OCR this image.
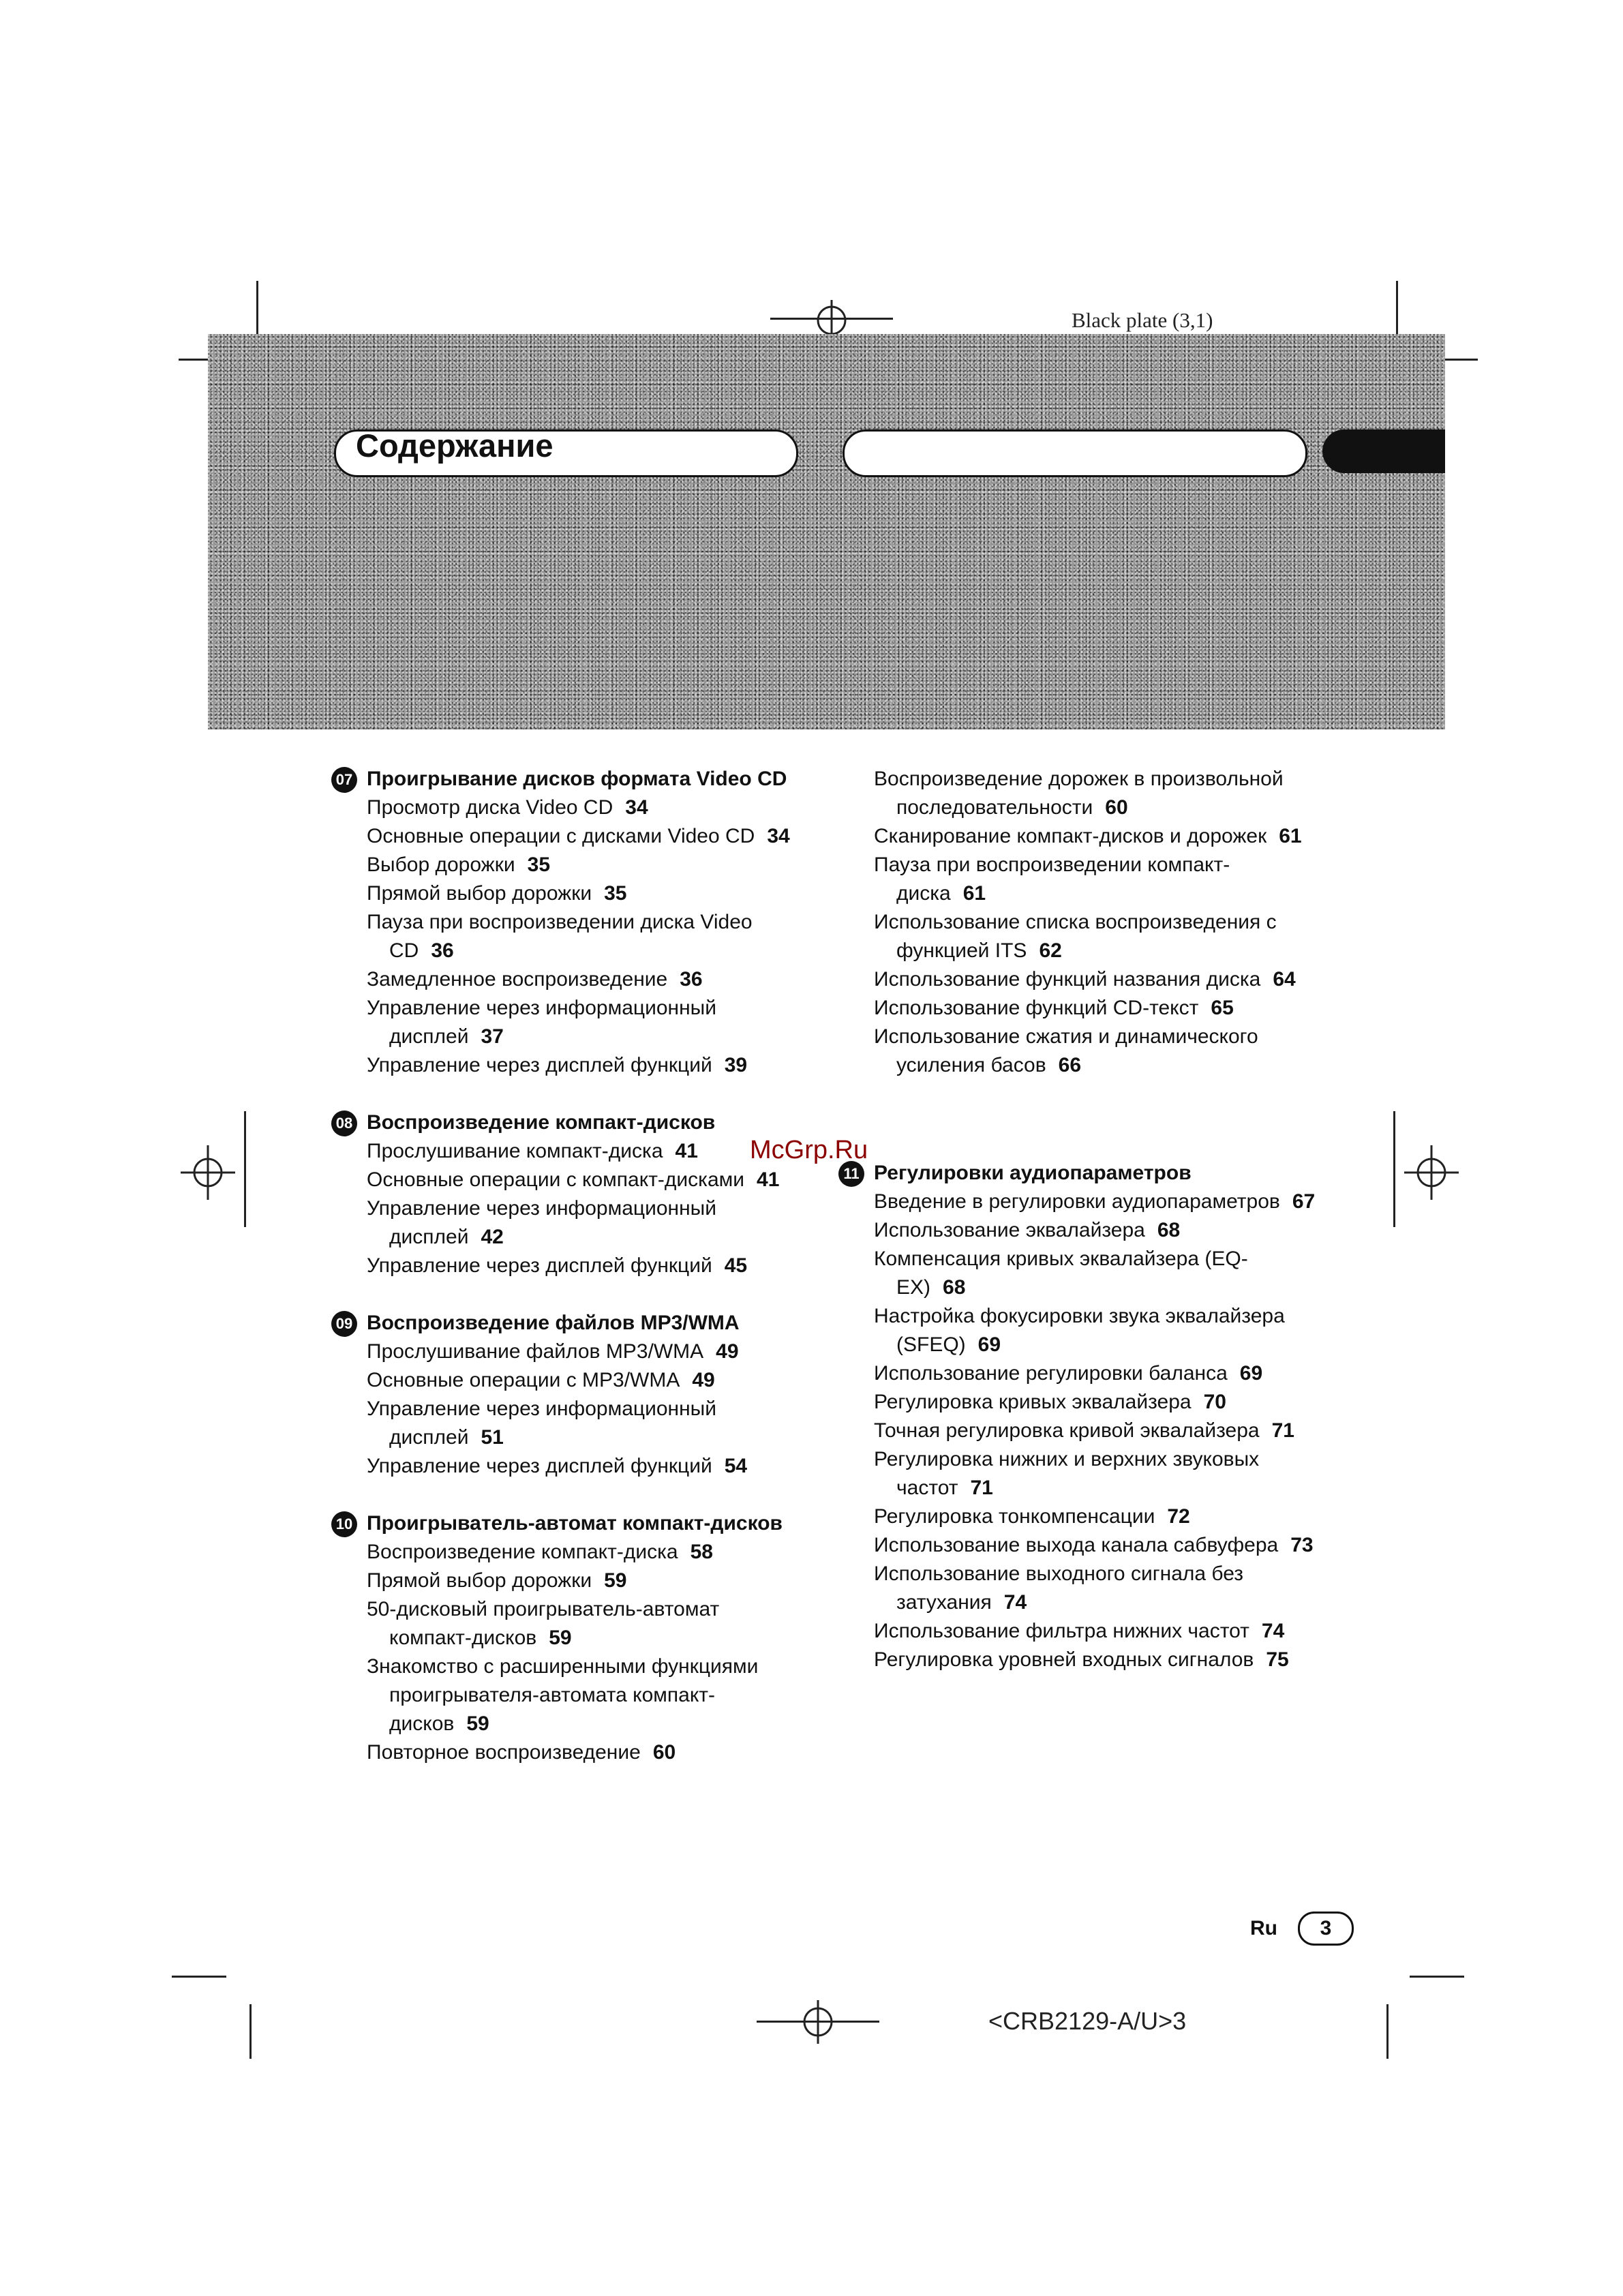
Black plate (3,1)
Содержание
07 Проигрывание дисков формата Video CD
Просмотр диска Video CD 34
Основные операции с дисками Video CD 34
Выбор дорожки 35
Прямой выбор дорожки 35
Пауза при воспроизведении диска Video CD 36
Замедленное воспроизведение 36
Управление через информационный дисплей 37
Управление через дисплей функций 39
08 Воспроизведение компакт-дисков
Прослушивание компакт-диска 41
Основные операции с компакт-дисками 41
Управление через информационный дисплей 42
Управление через дисплей функций 45
09 Воспроизведение файлов MP3/WMA
Прослушивание файлов MP3/WMA 49
Основные операции с MP3/WMA 49
Управление через информационный дисплей 51
Управление через дисплей функций 54
10 Проигрыватель-автомат компакт-дисков
Воспроизведение компакт-диска 58
Прямой выбор дорожки 59
50-дисковый проигрыватель-автомат компакт-дисков 59
Знакомство с расширенными функциями проигрывателя-автомата компакт-дисков 59
Повторное воспроизведение 60
Воспроизведение дорожек в произвольной последовательности 60
Сканирование компакт-дисков и дорожек 61
Пауза при воспроизведении компакт-диска 61
Использование списка воспроизведения с функцией ITS 62
Использование функций названия диска 64
Использование функций CD-текст 65
Использование сжатия и динамического усиления басов 66
11 Регулировки аудиопараметров
Введение в регулировки аудиопараметров 67
Использование эквалайзера 68
Компенсация кривых эквалайзера (EQ-EX) 68
Настройка фокусировки звука эквалайзера (SFEQ) 69
Использование регулировки баланса 69
Регулировка кривых эквалайзера 70
Точная регулировка кривой эквалайзера 71
Регулировка нижних и верхних звуковых частот 71
Регулировка тонкомпенсации 72
Использование выхода канала сабвуфера 73
Использование выходного сигнала без затухания 74
Использование фильтра нижних частот 74
Регулировка уровней входных сигналов 75
McGrp.Ru
Ru	3
<CRB2129-A/U>3
